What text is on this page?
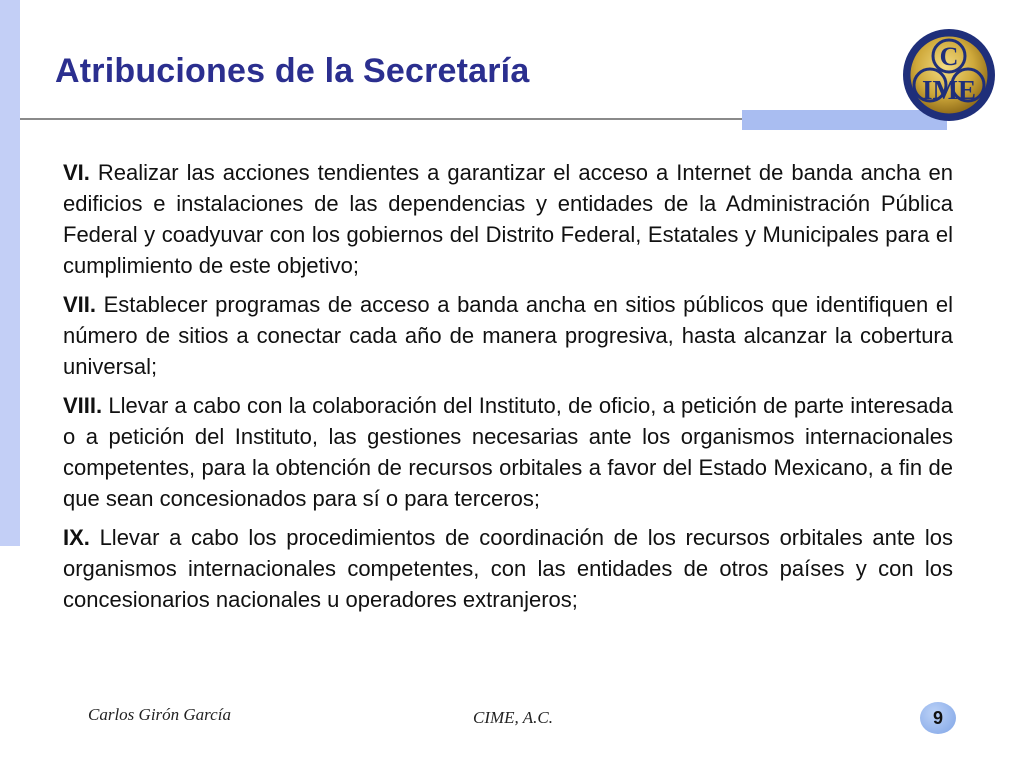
Atribuciones de la Secretaría	C
IME

VI. Realizar las acciones tendientes a garantizar el acceso a Internet de banda ancha en edificios e instalaciones de las dependencias y entidades de la Administración Pública Federal y coadyuvar con los gobiernos del Distrito Federal, Estatales y Municipales para el cumplimiento de este objetivo;

VII. Establecer programas de acceso a banda ancha en sitios públicos que identifiquen el número de sitios a conectar cada año de manera progresiva, hasta alcanzar la cobertura universal;

VIII. Llevar a cabo con la colaboración del Instituto, de oficio, a petición de parte interesada o a petición del Instituto, las gestiones necesarias ante los organismos internacionales competentes, para la obtención de recursos orbitales a favor del Estado Mexicano, a fin de que sean concesionados para sí o para terceros;

IX. Llevar a cabo los procedimientos de coordinación de los recursos orbitales ante los organismos internacionales competentes, con las entidades de otros países y con los concesionarios nacionales u operadores extranjeros;

Carlos Girón García	CIME, A.C.	9
